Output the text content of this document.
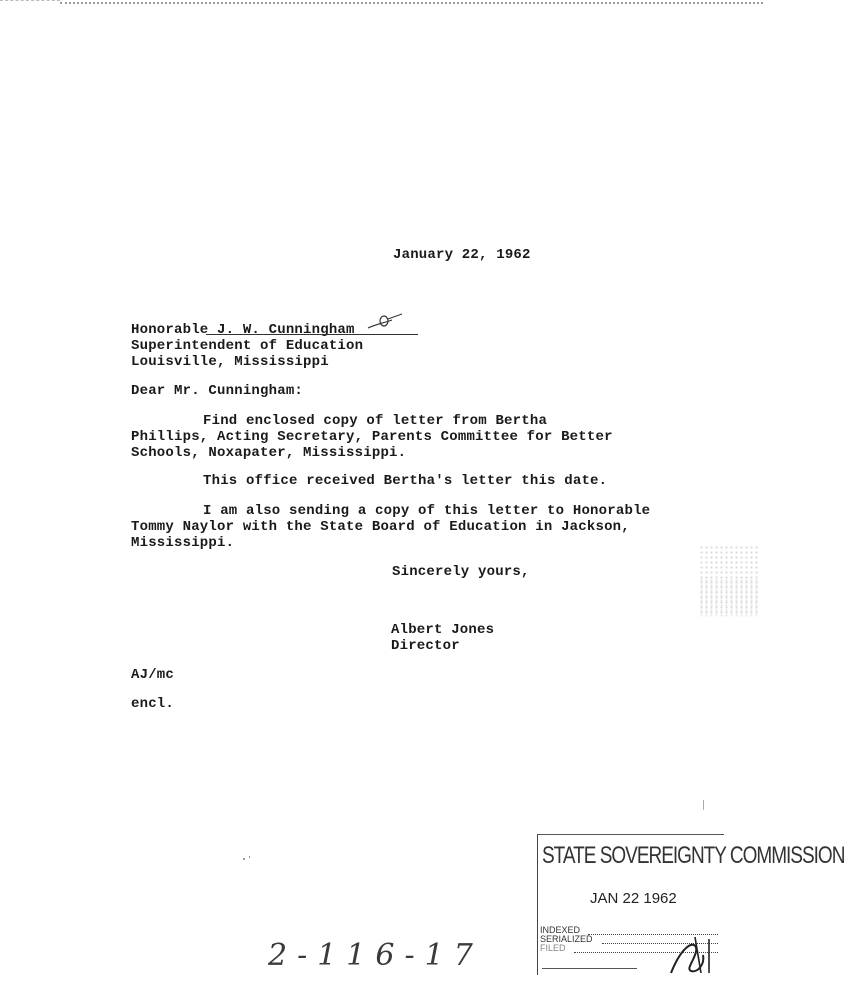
January 22, 1962
Honorable J. W. Cunningham
Superintendent of Education
Louisville, Mississippi
Dear Mr. Cunningham:
Find enclosed copy of letter from Bertha
Phillips, Acting Secretary, Parents Committee for Better
Schools, Noxapater, Mississippi.
This office received Bertha's letter this date.
I am also sending a copy of this letter to Honorable
Tommy Naylor with the State Board of Education in Jackson,
Mississippi.
Sincerely yours,
Albert Jones
Director
AJ/mc
encl.
STATE SOVEREIGNTY COMMISSION
JAN 22 1962
INDEXED
SERIALIZED
FILED
2-116-17
